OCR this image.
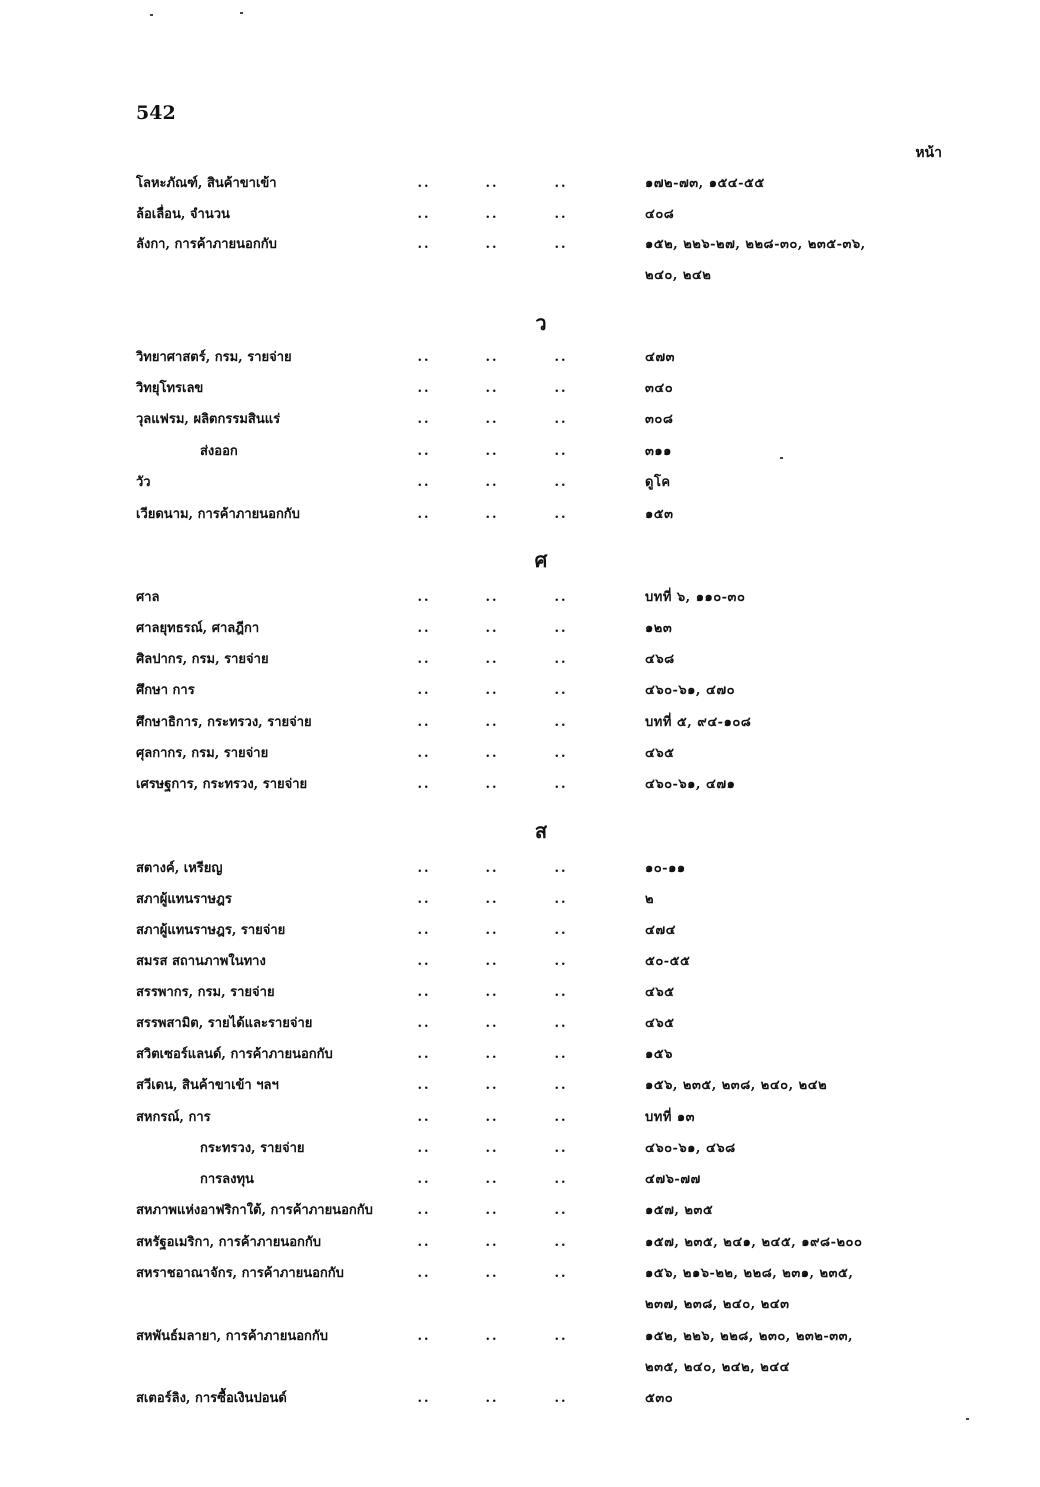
542
หน้า
โลหะภัณฑ์, สินค้าขาเข้า	..	..	..	๑๗๒-๗๓, ๑๕๔-๕๕
ล้อเลื่อน, จำนวน	..	..	..	๔๐๘
ลังกา, การค้าภายนอกกับ	..	..	..	๑๕๒, ๒๒๖-๒๗, ๒๒๘-๓๐, ๒๓๕-๓๖,
๒๔๐, ๒๔๒
ว
วิทยาศาสตร์, กรม, รายจ่าย	..	..	..	๔๗๓
วิทยุโทรเลข	..	..	..	๓๔๐
วุลแฟรม, ผลิตกรรมสินแร่	..	..	..	๓๐๘
ส่งออก	..	..	..	๓๑๑
วัว	..	..	..	ดูโค
เวียดนาม, การค้าภายนอกกับ	..	..	..	๑๕๓
ศ
ศาล	..	..	..	บทที่ ๖, ๑๑๐-๓๐
ศาลยุทธรณ์, ศาลฎีกา	..	..	..	๑๒๓
ศิลปากร, กรม, รายจ่าย	..	..	..	๔๖๘
ศึกษา การ	..	..	..	๔๖๐-๖๑, ๔๗๐
ศึกษาธิการ, กระทรวง, รายจ่าย	..	..	..	บทที่ ๕, ๙๔-๑๐๘
ศุลกากร, กรม, รายจ่าย	..	..	..	๔๖๕
เศรษฐการ, กระทรวง, รายจ่าย	..	..	..	๔๖๐-๖๑, ๔๗๑
ส
สตางค์, เหรียญ	..	..	..	๑๐-๑๑
สภาผู้แทนราษฎร	..	..	..	๒
สภาผู้แทนราษฎร, รายจ่าย	..	..	..	๔๗๔
สมรส สถานภาพในทาง	..	..	..	๕๐-๕๕
สรรพากร, กรม, รายจ่าย	..	..	..	๔๖๕
สรรพสามิต, รายได้และรายจ่าย	..	..	..	๔๖๕
สวิตเซอร์แลนด์, การค้าภายนอกกับ	..	..	..	๑๕๖
สวีเดน, สินค้าขาเข้า ฯลฯ	..	..	..	๑๕๖, ๒๓๕, ๒๓๘, ๒๔๐, ๒๔๒
สหกรณ์, การ	..	..	..	บทที่ ๑๓
กระทรวง, รายจ่าย	..	..	..	๔๖๐-๖๑, ๔๖๘
การลงทุน	..	..	..	๔๗๖-๗๗
สหภาพแห่งอาฟริกาใต้, การค้าภายนอกกับ	..	..	..	๑๕๗, ๒๓๕
สหรัฐอเมริกา, การค้าภายนอกกับ	..	..	..	๑๕๗, ๒๓๕, ๒๔๑, ๒๔๕, ๑๙๘-๒๐๐
สหราชอาณาจักร, การค้าภายนอกกับ	..	..	..	๑๕๖, ๒๑๖-๒๒, ๒๒๘, ๒๓๑, ๒๓๕,
๒๓๗, ๒๓๘, ๒๔๐, ๒๔๓
สหพันธ์มลายา, การค้าภายนอกกับ	..	..	..	๑๕๒, ๒๒๖, ๒๒๘, ๒๓๐, ๒๓๒-๓๓,
๒๓๕, ๒๔๐, ๒๔๒, ๒๔๔
สเตอร์ลิง, การซื้อเงินปอนด์	..	..	..	๕๓๐
